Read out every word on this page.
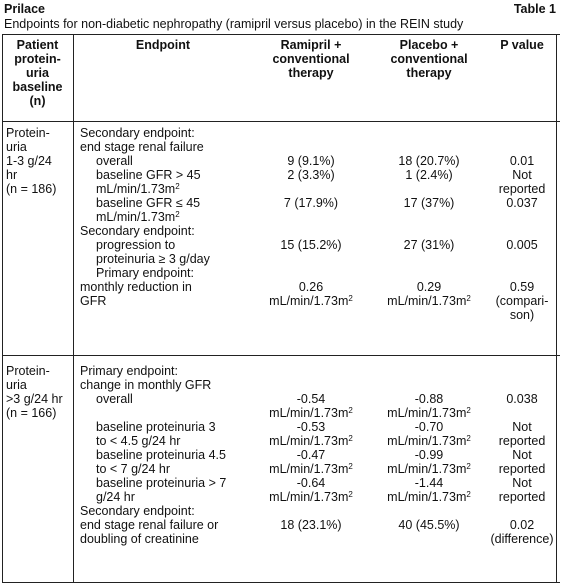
Prilace	Table 1
Endpoints for non-diabetic nephropathy (ramipril versus placebo) in the REIN study
Patient
protein-
uria
baseline
(n)
Endpoint	Ramipril +
conventional
therapy
Placebo +
conventional
therapy
P value
Protein-
uria
1-3 g/24
hr
(n = 186)
Secondary endpoint:
end stage renal failure
overall
baseline GFR > 45
$mL/\min/1.73m^2$
baseline GFR ≤ 45
$mL/\min/1.73m^2$
Secondary endpoint:
progression to
proteinuria ≥ 3 g/day
Primary endpoint:
monthly reduction in
GFR
9 (9.1%)
2 (3.3%)
7 (17.9%)
15 (15.2%)
0.26
$mL/\min/1.73m^2$
18 (20.7%)
1 (2.4%)
17 (37%)
27 (31%)
0.29
$mL/\min/1.73m^2$
0.01
Not
reported
0.037
0.005
0.59
(compari-
son)
Protein-
uria
>3 g/24 hr
(n = 166)
Primary endpoint:
change in monthly GFR
overall
baseline proteinuria 3
to < 4.5 g/24 hr
baseline proteinuria 4.5
to < 7 g/24 hr
baseline proteinuria > 7
g/24 hr
Secondary endpoint:
end stage renal failure or
doubling of creatinine
-0.54
$mL/\min/1.73m^2$
-0.53
$mL/\min/1.73m^2$
-0.47
$mL/\min/1.73m^2$
-0.64
$mL/\min/1.73m^2$
18 (23.1%)
-0.88
$mL/\min/1.73m^2$
-0.70
$mL/\min/1.73m^2$
-0.99
$mL/\min/1.73m^2$
-1.44
$mL/\min/1.73m^2$
40 (45.5%)
0.038
Not
reported
Not
reported
Not
reported
0.02
(difference)
